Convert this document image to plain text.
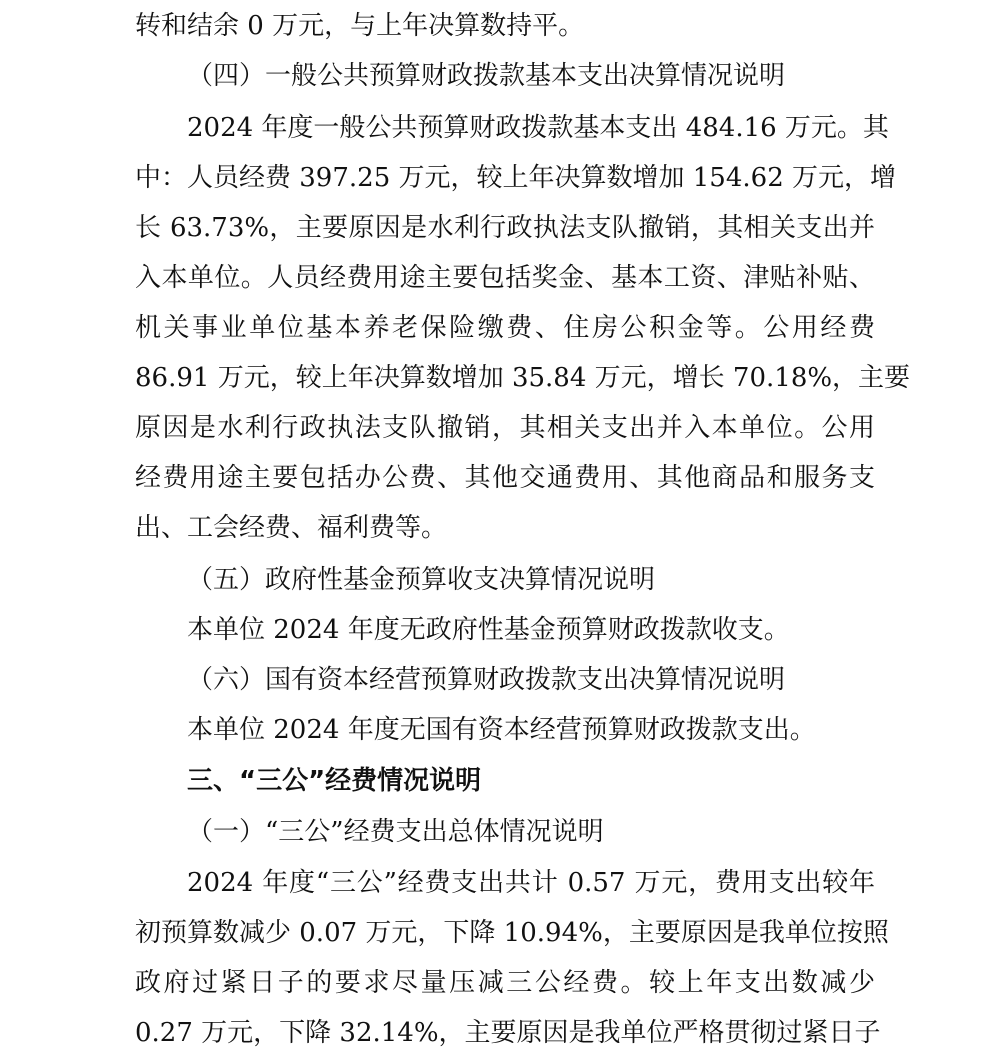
转和结余 0 万元，与上年决算数持平。
（四）一般公共预算财政拨款基本支出决算情况说明
2024 年度一般公共预算财政拨款基本支出 484.16 万元。其
中：人员经费 397.25 万元，较上年决算数增加 154.62 万元，增
长 63.73%，主要原因是水利行政执法支队撤销，其相关支出并
入本单位。人员经费用途主要包括奖金、基本工资、津贴补贴、
机关事业单位基本养老保险缴费、住房公积金等。公用经费
86.91 万元，较上年决算数增加 35.84 万元，增长 70.18%，主要
原因是水利行政执法支队撤销，其相关支出并入本单位。公用
经费用途主要包括办公费、其他交通费用、其他商品和服务支
出、工会经费、福利费等。
（五）政府性基金预算收支决算情况说明
本单位 2024 年度无政府性基金预算财政拨款收支。
（六）国有资本经营预算财政拨款支出决算情况说明
本单位 2024 年度无国有资本经营预算财政拨款支出。
三、“三公”经费情况说明
（一）“三公”经费支出总体情况说明
2024 年度“三公”经费支出共计 0.57 万元，费用支出较年
初预算数减少 0.07 万元，下降 10.94%，主要原因是我单位按照
政府过紧日子的要求尽量压减三公经费。较上年支出数减少
0.27 万元，下降 32.14%，主要原因是我单位严格贯彻过紧日子
